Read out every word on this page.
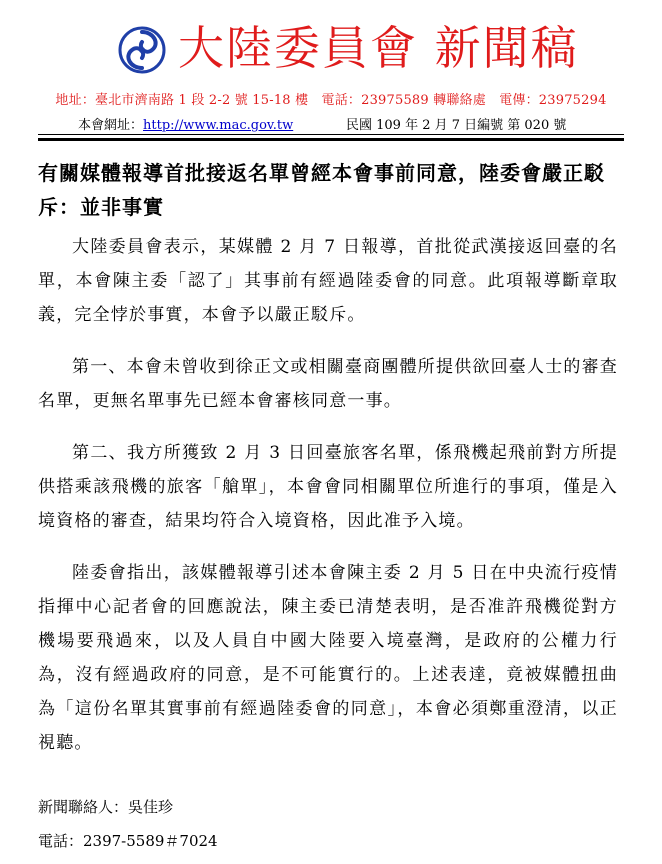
大陸委員會 新聞稿
地址：臺北市濟南路 1 段 2-2 號 15-18 樓　電話：23975589 轉聯絡處　電傳：23975294
本會網址：http://www.mac.gov.tw	民國 109 年 2 月 7 日編號 第 020 號
有關媒體報導首批接返名單曾經本會事前同意，陸委會嚴正駁斥：並非事實

大陸委員會表示，某媒體 2 月 7 日報導，首批從武漢接返回臺的名單，本會陳主委「認了」其事前有經過陸委會的同意。此項報導斷章取義，完全悖於事實，本會予以嚴正駁斥。

第一、本會未曾收到徐正文或相關臺商團體所提供欲回臺人士的審查名單，更無名單事先已經本會審核同意一事。

第二、我方所獲致 2 月 3 日回臺旅客名單，係飛機起飛前對方所提供搭乘該飛機的旅客「艙單」，本會會同相關單位所進行的事項，僅是入境資格的審查，結果均符合入境資格，因此准予入境。

陸委會指出，該媒體報導引述本會陳主委 2 月 5 日在中央流行疫情指揮中心記者會的回應說法，陳主委已清楚表明，是否准許飛機從對方機場要飛過來，以及人員自中國大陸要入境臺灣，是政府的公權力行為，沒有經過政府的同意，是不可能實行的。上述表達，竟被媒體扭曲為「這份名單其實事前有經過陸委會的同意」，本會必須鄭重澄清，以正視聽。

新聞聯絡人：吳佳珍
電話：2397-5589＃7024
